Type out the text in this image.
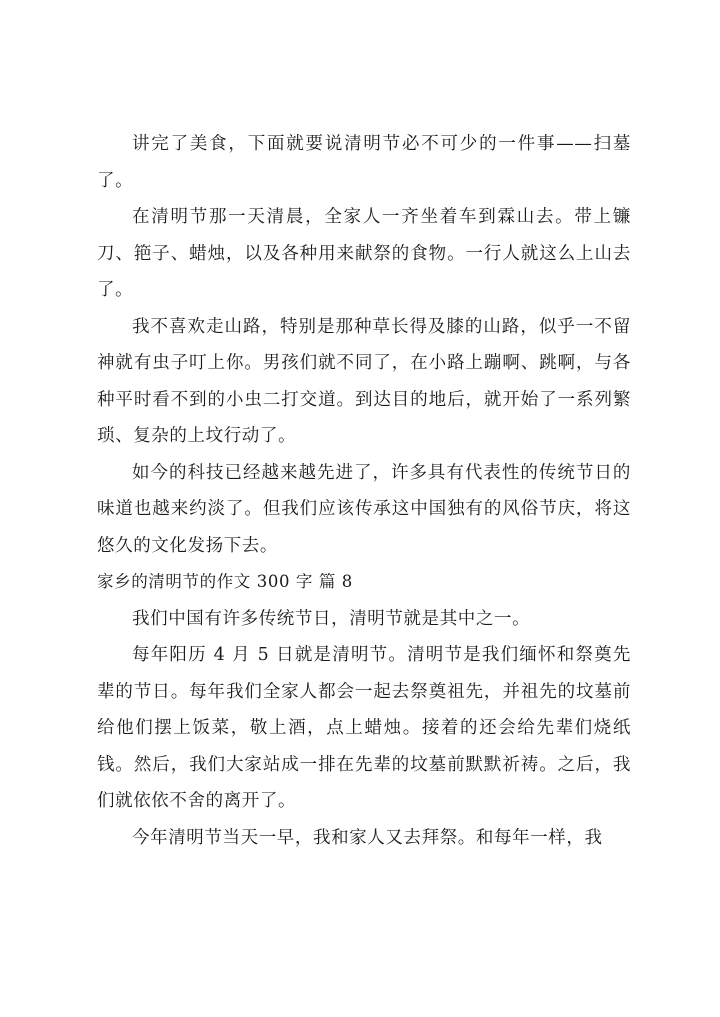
讲完了美食，下面就要说清明节必不可少的一件事——扫墓了。

在清明节那一天清晨，全家人一齐坐着车到霖山去。带上镰刀、筢子、蜡烛，以及各种用来献祭的食物。一行人就这么上山去了。

我不喜欢走山路，特别是那种草长得及膝的山路，似乎一不留神就有虫子叮上你。男孩们就不同了，在小路上蹦啊、跳啊，与各种平时看不到的小虫二打交道。到达目的地后，就开始了一系列繁琐、复杂的上坟行动了。

如今的科技已经越来越先进了，许多具有代表性的传统节日的味道也越来约淡了。但我们应该传承这中国独有的风俗节庆，将这悠久的文化发扬下去。

家乡的清明节的作文 300 字 篇 8

我们中国有许多传统节日，清明节就是其中之一。

每年阳历 4 月 5 日就是清明节。清明节是我们缅怀和祭奠先辈的节日。每年我们全家人都会一起去祭奠祖先，并祖先的坟墓前给他们摆上饭菜，敬上酒，点上蜡烛。接着的还会给先辈们烧纸钱。然后，我们大家站成一排在先辈的坟墓前默默祈祷。之后，我们就依依不舍的离开了。

今年清明节当天一早，我和家人又去拜祭。和每年一样，我
